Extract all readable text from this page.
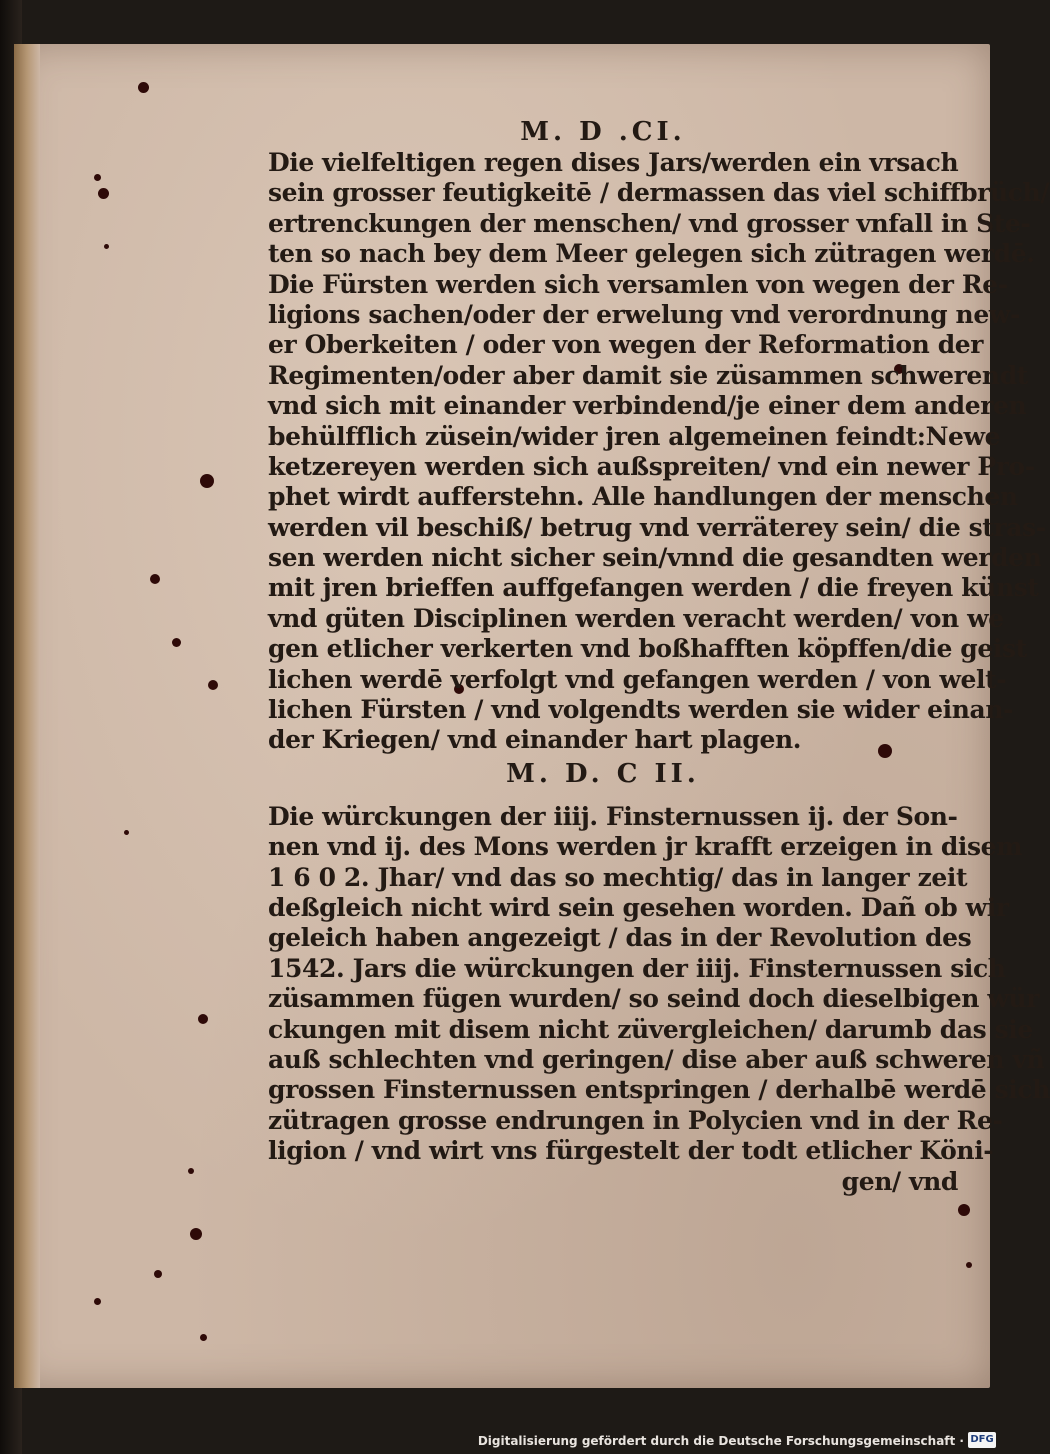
M. D .CI.
Die vielfeltigen regen dises Jars/werden ein vrsach
sein grosser feutigkeitē / dermassen das viel schiffbrüch/
ertrenckungen der menschen/ vnd grosser vnfall in Ste-
ten so nach bey dem Meer gelegen sich zütragen werdē.
Die Fürsten werden sich versamlen von wegen der Re-
ligions sachen/oder der erwelung vnd verordnung new-
er Oberkeiten / oder von wegen der Reformation der
Regimenten/oder aber damit sie züsammen schwerendt
vnd sich mit einander verbindend/je einer dem anderen
behülfflich züsein/wider jren algemeinen feindt:Newe
ketzereyen werden sich außspreiten/ vnd ein newer Pro-
phet wirdt aufferstehn. Alle handlungen der menschen
werden vil beschiß/ betrug vnd verräterey sein/ die stras-
sen werden nicht sicher sein/vnnd die gesandten werden
mit jren brieffen auffgefangen werden / die freyen künst
vnd güten Disciplinen werden veracht werden/ von we
gen etlicher verkerten vnd boßhafften köpffen/die geist
lichen werdē verfolgt vnd gefangen werden / von welt-
lichen Fürsten / vnd volgendts werden sie wider einan-
der Kriegen/ vnd einander hart plagen.
M. D. C II.
Die würckungen der iiij. Finsternussen ij. der Son-
nen vnd ij. des Mons werden jr krafft erzeigen in disem
1 6 0 2. Jhar/ vnd das so mechtig/ das in langer zeit
deßgleich nicht wird sein gesehen worden. Dañ ob wir
geleich haben angezeigt / das in der Revolution des
1542. Jars die würckungen der iiij. Finsternussen sich
züsammen fügen wurden/ so seind doch dieselbigen wür
ckungen mit disem nicht züvergleichen/ darumb das sie
auß schlechten vnd geringen/ dise aber auß schweren vñ
grossen Finsternussen entspringen / derhalbē werdē sich
zütragen grosse endrungen in Polycien vnd in der Re-
ligion / vnd wirt vns fürgestelt der todt etlicher Köni-
gen/ vnd
Digitalisierung gefördert durch die Deutsche Forschungsgemeinschaft · DFG
